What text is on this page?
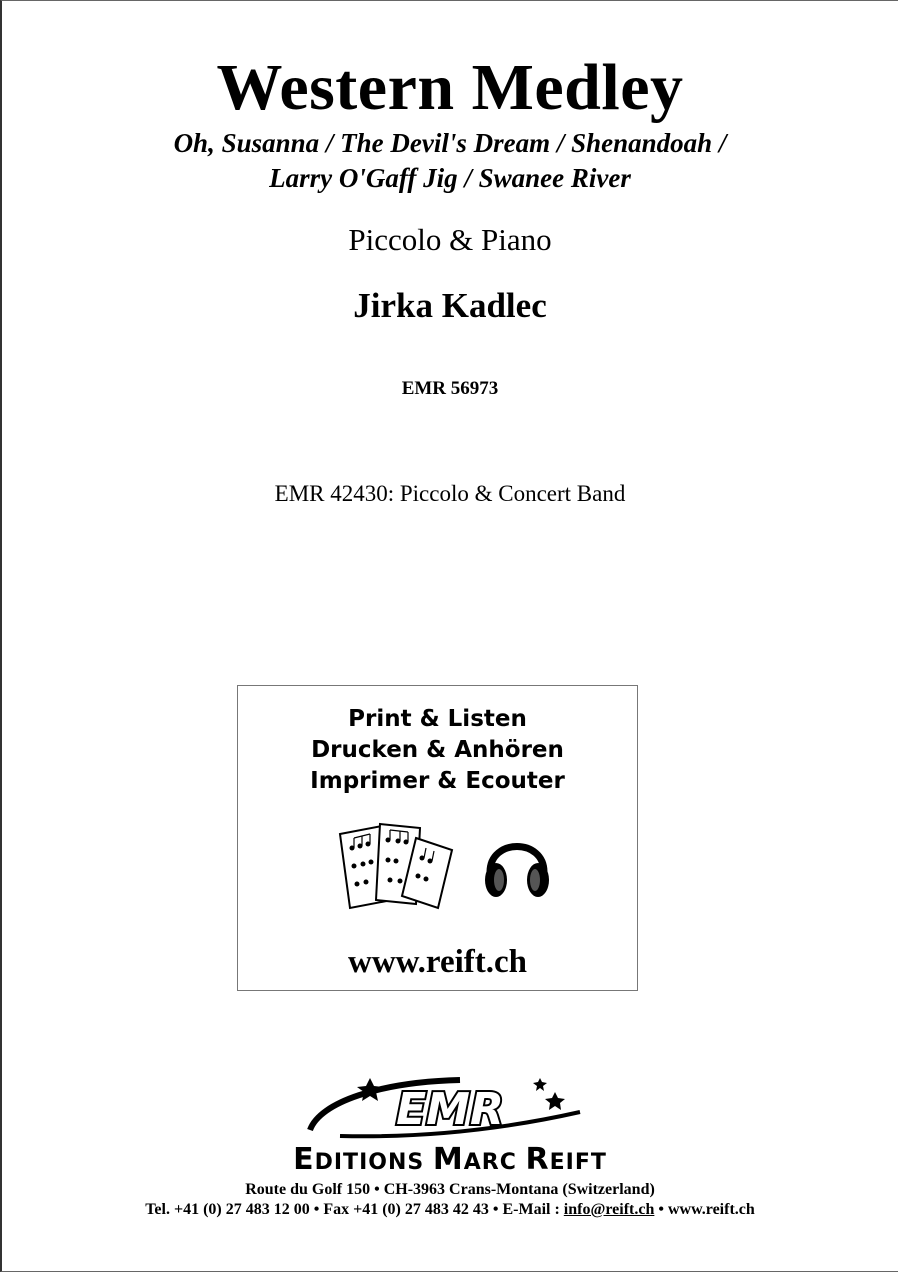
Western Medley
Oh, Susanna / The Devil's Dream / Shenandoah /
Larry O'Gaff Jig / Swanee River
Piccolo & Piano
Jirka Kadlec
EMR 56973
EMR 42430: Piccolo & Concert Band
Print & Listen
Drucken & Anhören
Imprimer & Ecouter
www.reift.ch
EMR
EDITIONS MARC REIFT
Route du Golf 150 • CH-3963 Crans-Montana (Switzerland)
Tel. +41 (0) 27 483 12 00 • Fax +41 (0) 27 483 42 43 • E-Mail : info@reift.ch • www.reift.ch
